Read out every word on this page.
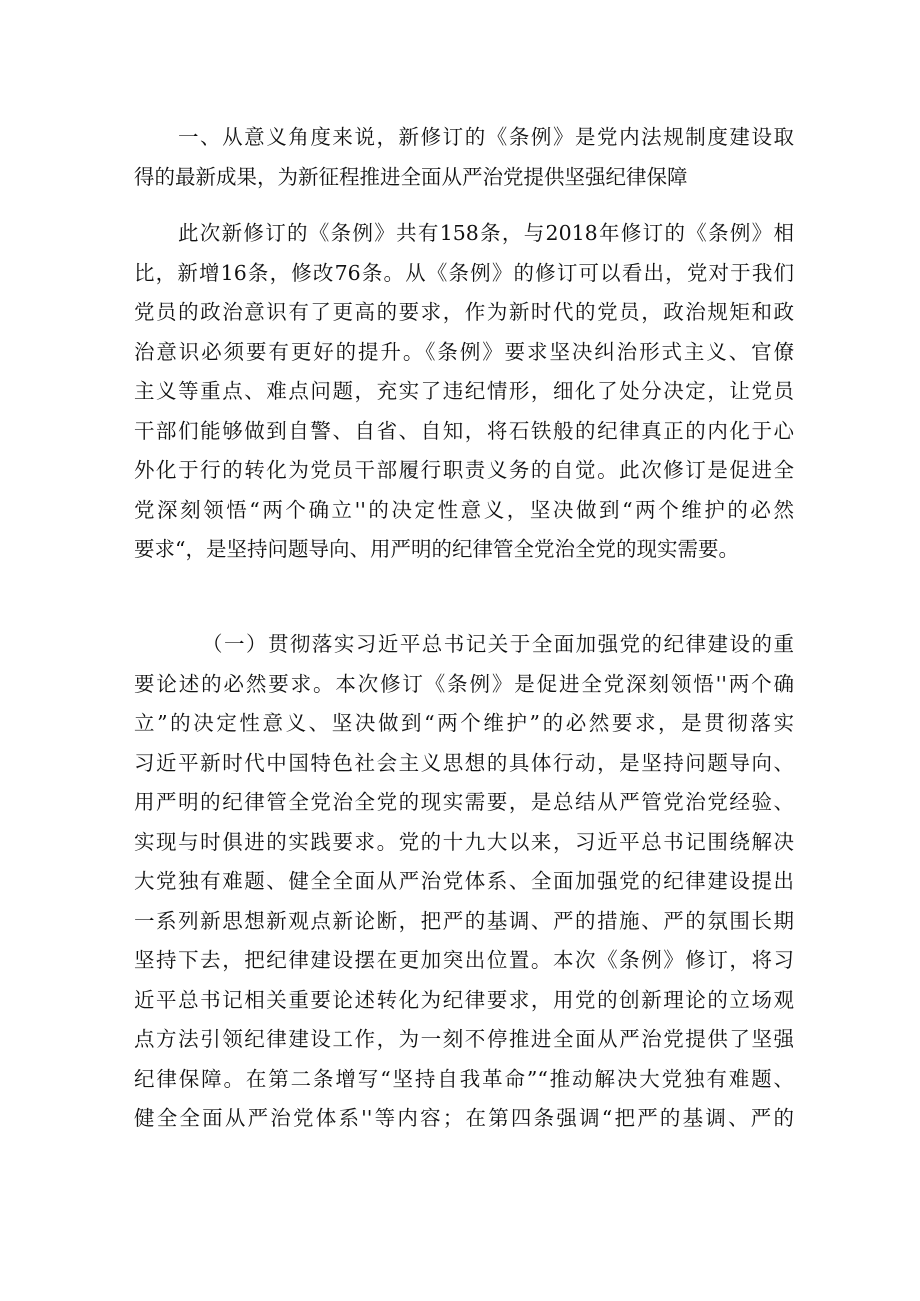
一、从意义角度来说，新修订的《条例》是党内法规制度建设取
得的最新成果，为新征程推进全面从严治党提供坚强纪律保障
此次新修订的《条例》共有158条，与2018年修订的《条例》相
比，新增16条，修改76条。从《条例》的修订可以看出，党对于我们
党员的政治意识有了更高的要求，作为新时代的党员，政治规矩和政
治意识必须要有更好的提升。《条例》要求坚决纠治形式主义、官僚
主义等重点、难点问题，充实了违纪情形，细化了处分决定，让党员
干部们能够做到自警、自省、自知，将石铁般的纪律真正的内化于心
外化于行的转化为党员干部履行职责义务的自觉。此次修订是促进全
党深刻领悟“两个确立''的决定性意义，坚决做到“两个维护的必然
要求“，是坚持问题导向、用严明的纪律管全党治全党的现实需要。
（一）贯彻落实习近平总书记关于全面加强党的纪律建设的重
要论述的必然要求。本次修订《条例》是促进全党深刻领悟''两个确
立”的决定性意义、坚决做到“两个维护”的必然要求，是贯彻落实
习近平新时代中国特色社会主义思想的具体行动，是坚持问题导向、
用严明的纪律管全党治全党的现实需要，是总结从严管党治党经验、
实现与时俱进的实践要求。党的十九大以来，习近平总书记围绕解决
大党独有难题、健全全面从严治党体系、全面加强党的纪律建设提出
一系列新思想新观点新论断，把严的基调、严的措施、严的氛围长期
坚持下去，把纪律建设摆在更加突出位置。本次《条例》修订，将习
近平总书记相关重要论述转化为纪律要求，用党的创新理论的立场观
点方法引领纪律建设工作，为一刻不停推进全面从严治党提供了坚强
纪律保障。在第二条增写“坚持自我革命”“推动解决大党独有难题、
健全全面从严治党体系''等内容；在第四条强调“把严的基调、严的
